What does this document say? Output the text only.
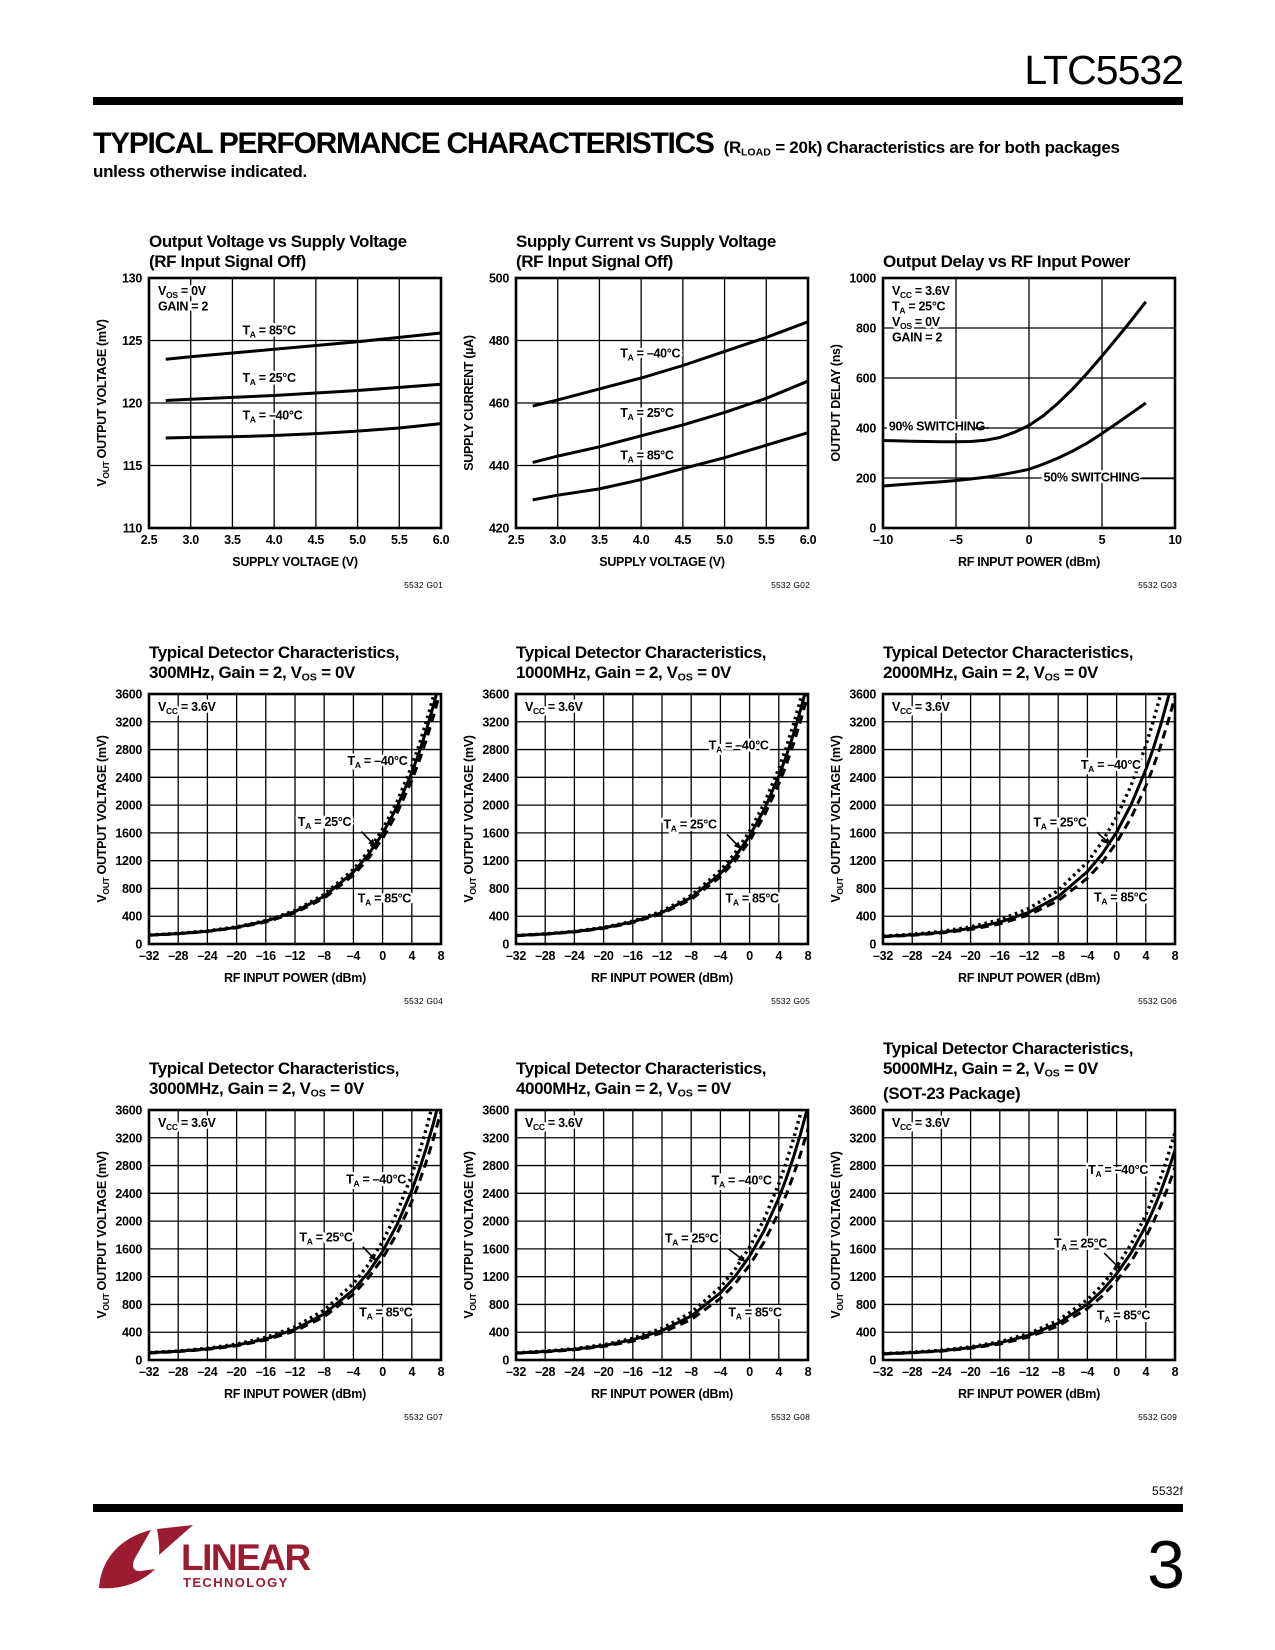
LTC5532
TYPICAL PERFORMANCE CHARACTERISTICS (RLOAD = 20k) Characteristics are for both packages
unless otherwise indicated.
Output Voltage vs Supply Voltage
(RF Input Signal Off)
$V_{OS} = 0V$
GAIN = 2
$T_A = 85^\circ C$
$T_A = 25^\circ C$
$T_A = -40^\circ C$
2.5 3.0 3.5 4.0 4.5 5.0 5.5 6.0
110
115
120
125
130
SUPPLY VOLTAGE (V)
$V_{OUT}$ OUTPUT VOLTAGE (mV)
5532 G01
Supply Current vs Supply Voltage
(RF Input Signal Off)
$T_A = -40^\circ C$
$T_A = 25^\circ C$
$T_A = 85^\circ C$
2.5 3.0 3.5 4.0 4.5 5.0 5.5 6.0
420
440
460
480
500
SUPPLY VOLTAGE (V)
SUPPLY CURRENT (µA)
5532 G02
Output Delay vs RF Input Power
$V_{CC} = 3.6V$
$T_A = 25^\circ C$
$V_{OS} = 0V$
GAIN = 2
90% SWITCHING
50% SWITCHING
–10	–5	0	5	10
0
200
400
600
800
1000
RF INPUT POWER (dBm)
OUTPUT DELAY (ns)
5532 G03
Typical Detector Characteristics,
300MHz, Gain = 2, VOS = 0V
$V_{CC} = 3.6V$
$T_A = -40^\circ C$
$T_A = 25^\circ C$
$T_A = 85^\circ C$
–32 –28 –24 –20 –16 –12 –8 –4 0 4 8
0
400
800
1200
1600
2000
2400
2800
3200
3600
RF INPUT POWER (dBm)
$V_{OUT}$ OUTPUT VOLTAGE (mV)
5532 G04
Typical Detector Characteristics,
1000MHz, Gain = 2, VOS = 0V
$V_{CC} = 3.6V$
$T_A = -40^\circ C$
$T_A = 25^\circ C$
$T_A = 85^\circ C$
–32 –28 –24 –20 –16 –12 –8 –4 0 4 8
0
400
800
1200
1600
2000
2400
2800
3200
3600
RF INPUT POWER (dBm)
$V_{OUT}$ OUTPUT VOLTAGE (mV)
5532 G05
Typical Detector Characteristics,
2000MHz, Gain = 2, VOS = 0V
$V_{CC} = 3.6V$
$T_A = -40^\circ C$
$T_A = 25^\circ C$
$T_A = 85^\circ C$
–32 –28 –24 –20 –16 –12 –8 –4 0 4 8
0
400
800
1200
1600
2000
2400
2800
3200
3600
RF INPUT POWER (dBm)
$V_{OUT}$ OUTPUT VOLTAGE (mV)
5532 G06
Typical Detector Characteristics,
3000MHz, Gain = 2, VOS = 0V
$V_{CC} = 3.6V$
$T_A = -40^\circ C$
$T_A = 25^\circ C$
$T_A = 85^\circ C$
–32 –28 –24 –20 –16 –12 –8 –4 0 4 8
0
400
800
1200
1600
2000
2400
2800
3200
3600
RF INPUT POWER (dBm)
$V_{OUT}$ OUTPUT VOLTAGE (mV)
5532 G07
Typical Detector Characteristics,
4000MHz, Gain = 2, VOS = 0V
$V_{CC} = 3.6V$
$T_A = -40^\circ C$
$T_A = 25^\circ C$
$T_A = 85^\circ C$
–32 –28 –24 –20 –16 –12 –8 –4 0 4 8
0
400
800
1200
1600
2000
2400
2800
3200
3600
RF INPUT POWER (dBm)
$V_{OUT}$ OUTPUT VOLTAGE (mV)
5532 G08
Typical Detector Characteristics,
5000MHz, Gain = 2, VOS = 0V
(SOT-23 Package)
$V_{CC} = 3.6V$
$T_A = -40^\circ C$
$T_A = 25^\circ C$
$T_A = 85^\circ C$
–32 –28 –24 –20 –16 –12 –8 –4 0 4 8
0
400
800
1200
1600
2000
2400
2800
3200
3600
RF INPUT POWER (dBm)
$V_{OUT}$ OUTPUT VOLTAGE (mV)
5532 G09
5532f
LINEAR
TECHNOLOGY	3
